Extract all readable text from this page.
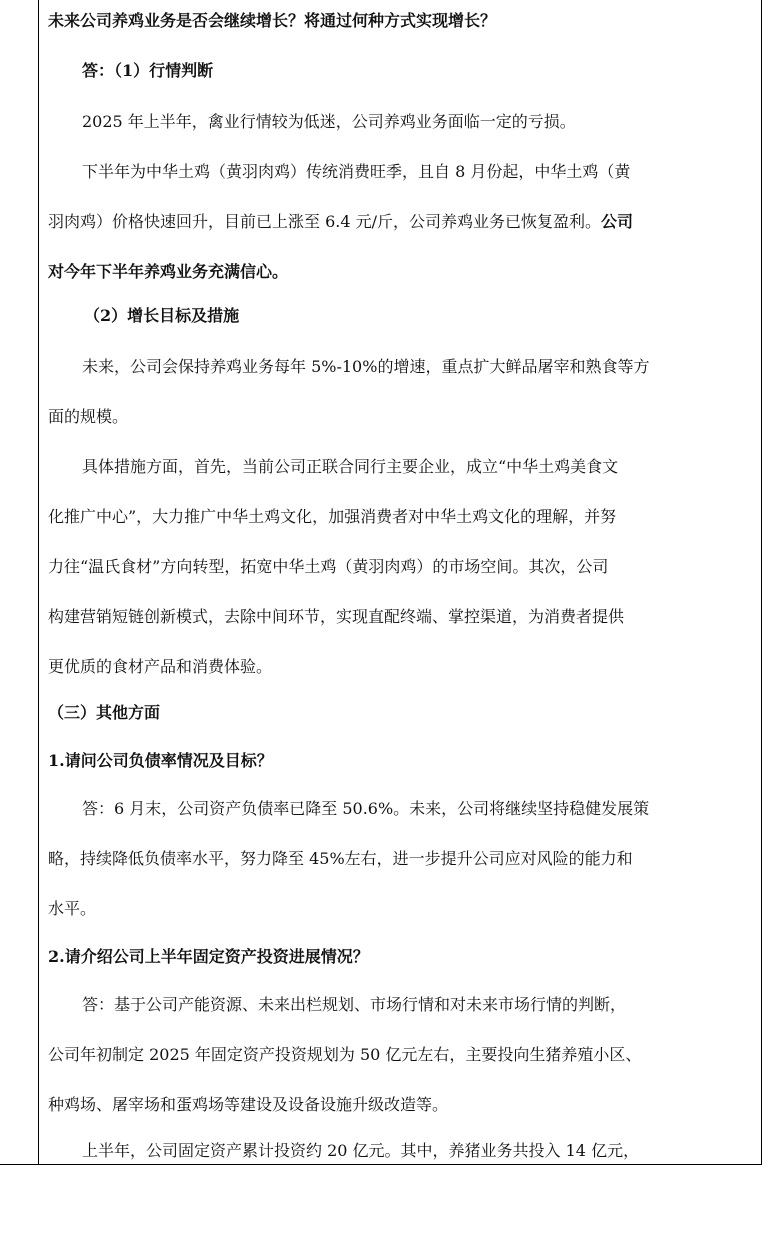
未来公司养鸡业务是否会继续增长？将通过何种方式实现增长？
答：（1）行情判断
2025 年上半年，禽业行情较为低迷，公司养鸡业务面临一定的亏损。
下半年为中华土鸡（黄羽肉鸡）传统消费旺季，且自 8 月份起，中华土鸡（黄
羽肉鸡）价格快速回升，目前已上涨至 6.4 元/斤，公司养鸡业务已恢复盈利。公司
对今年下半年养鸡业务充满信心。
（2）增长目标及措施
未来，公司会保持养鸡业务每年 5%-10%的增速，重点扩大鲜品屠宰和熟食等方
面的规模。
具体措施方面，首先，当前公司正联合同行主要企业，成立“中华土鸡美食文
化推广中心”，大力推广中华土鸡文化，加强消费者对中华土鸡文化的理解，并努
力往“温氏食材”方向转型，拓宽中华土鸡（黄羽肉鸡）的市场空间。其次，公司
构建营销短链创新模式，去除中间环节，实现直配终端、掌控渠道，为消费者提供
更优质的食材产品和消费体验。
（三）其他方面
1.请问公司负债率情况及目标？
答：6 月末，公司资产负债率已降至 50.6%。未来，公司将继续坚持稳健发展策
略，持续降低负债率水平，努力降至 45%左右，进一步提升公司应对风险的能力和
水平。
2.请介绍公司上半年固定资产投资进展情况？
答：基于公司产能资源、未来出栏规划、市场行情和对未来市场行情的判断，
公司年初制定 2025 年固定资产投资规划为 50 亿元左右，主要投向生猪养殖小区、
种鸡场、屠宰场和蛋鸡场等建设及设备设施升级改造等。
上半年，公司固定资产累计投资约 20 亿元。其中，养猪业务共投入 14 亿元，
